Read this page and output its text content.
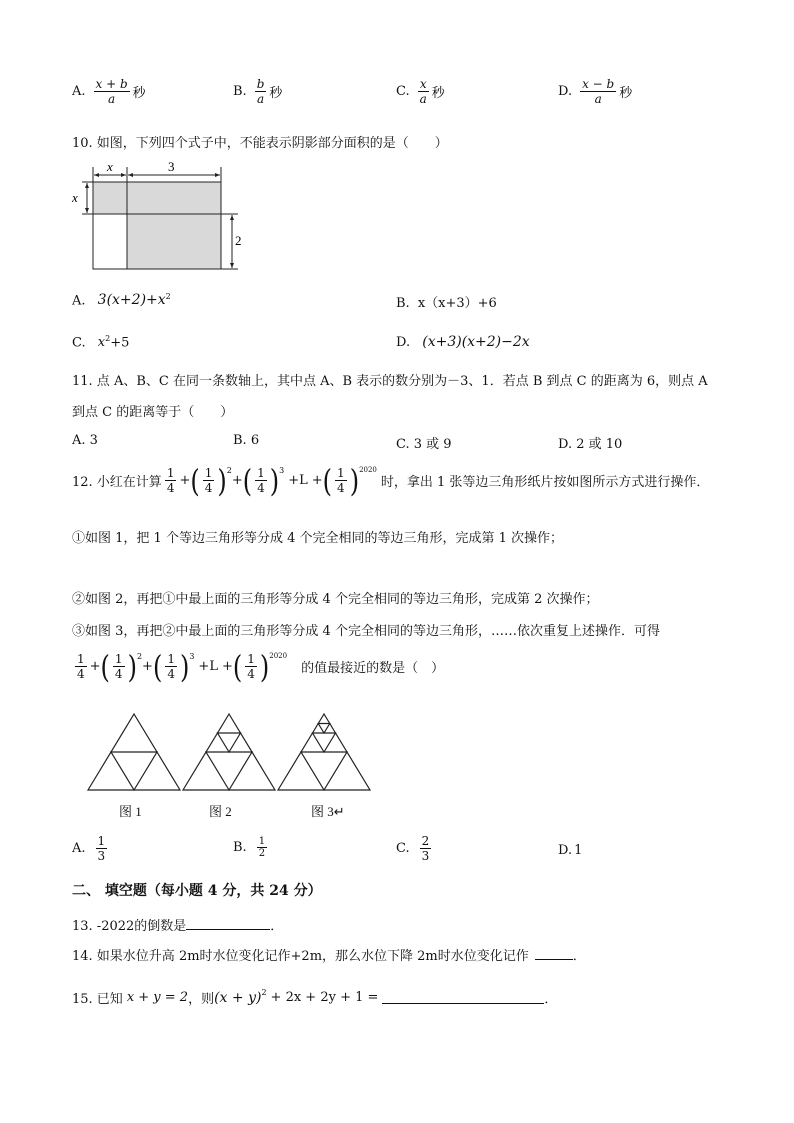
A. $\frac{x + b}{a}$ 秒	B. $\frac{b}{a}$ 秒	C. $\frac{x}{a}$ 秒	D. $\frac{x - b}{a}$ 秒
10. 如图，下列四个式子中，不能表示阴影部分面积的是（　　）
x	3
x
2
A. $3(x+2)+x^2$	B. x（x+3）+6
C. $x^2+5$	D. (x+3)(x+2)−2x
11. 点 A、B、C 在同一条数轴上，其中点 A、B 表示的数分别为－3、1．若点 B 到点 C 的距离为 6，则点 A
到点 C 的距离等于（　　）
A. 3	B. 6	C. 3 或 9	D. 2 或 10
12. 小红在计算 $\frac{1}{4}$ + ( $\frac{1}{4}$ ) 2
+ ( $\frac{1}{4}$ ) 3
+L + ( $\frac{1}{4}$ ) 2020
时，拿出 1 张等边三角形纸片按如图所示方式进行操作．
①如图 1，把 1 个等边三角形等分成 4 个完全相同的等边三角形，完成第 1 次操作；
②如图 2，再把①中最上面的三角形等分成 4 个完全相同的等边三角形，完成第 2 次操作；
③如图 3，再把②中最上面的三角形等分成 4 个完全相同的等边三角形，……依次重复上述操作．可得
$\frac{1}{4}$ + ( $\frac{1}{4}$ ) 2
+ ( $\frac{1}{4}$ ) 3
+L + ( $\frac{1}{4}$ ) 2020
的值最接近的数是（　）
图 1	图 2	图 3↵
A. $\frac{1}{3}$	B. $\frac{1}{2}$	C. $\frac{2}{3}$	D. 1
二、 填空题（每小题 4 分，共 24 分）
13. -2022的倒数是	．
14. 如果水位升高 2m时水位变化记作+2m，那么水位下降 2m时水位变化记作	．
15. 已知 x + y = 2 ，则 (x + y) 2 + 2x + 2y + 1 =	．
